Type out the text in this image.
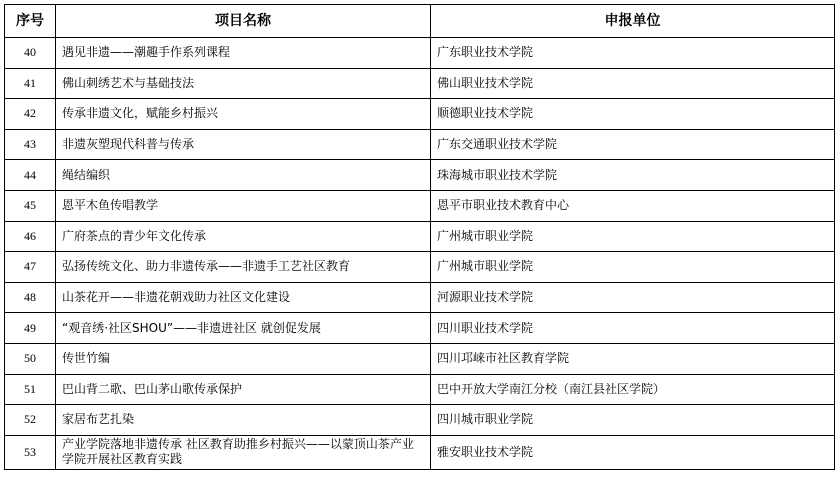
序号	项目名称	申报单位
40	遇见非遗——潮趣手作系列课程	广东职业技术学院
41	佛山刺绣艺术与基础技法	佛山职业技术学院
42	传承非遗文化，赋能乡村振兴	顺德职业技术学院
43	非遗灰塑现代科普与传承	广东交通职业技术学院
44	绳结编织	珠海城市职业技术学院
45	恩平木鱼传唱教学	恩平市职业技术教育中心
46	广府茶点的青少年文化传承	广州城市职业学院
47	弘扬传统文化、助力非遗传承——非遗手工艺社区教育	广州城市职业学院
48	山茶花开——非遗花朝戏助力社区文化建设	河源职业技术学院
49	“观音绣·社区SHOU”——非遗进社区 就创促发展	四川职业技术学院
50	传世竹编	四川邛崃市社区教育学院
51	巴山背二歌、巴山茅山歌传承保护	巴中开放大学南江分校（南江县社区学院）
52	家居布艺扎染	四川城市职业学院
53	产业学院落地非遗传承 社区教育助推乡村振兴——以蒙顶山茶产业学院开展社区教育实践	雅安职业技术学院
